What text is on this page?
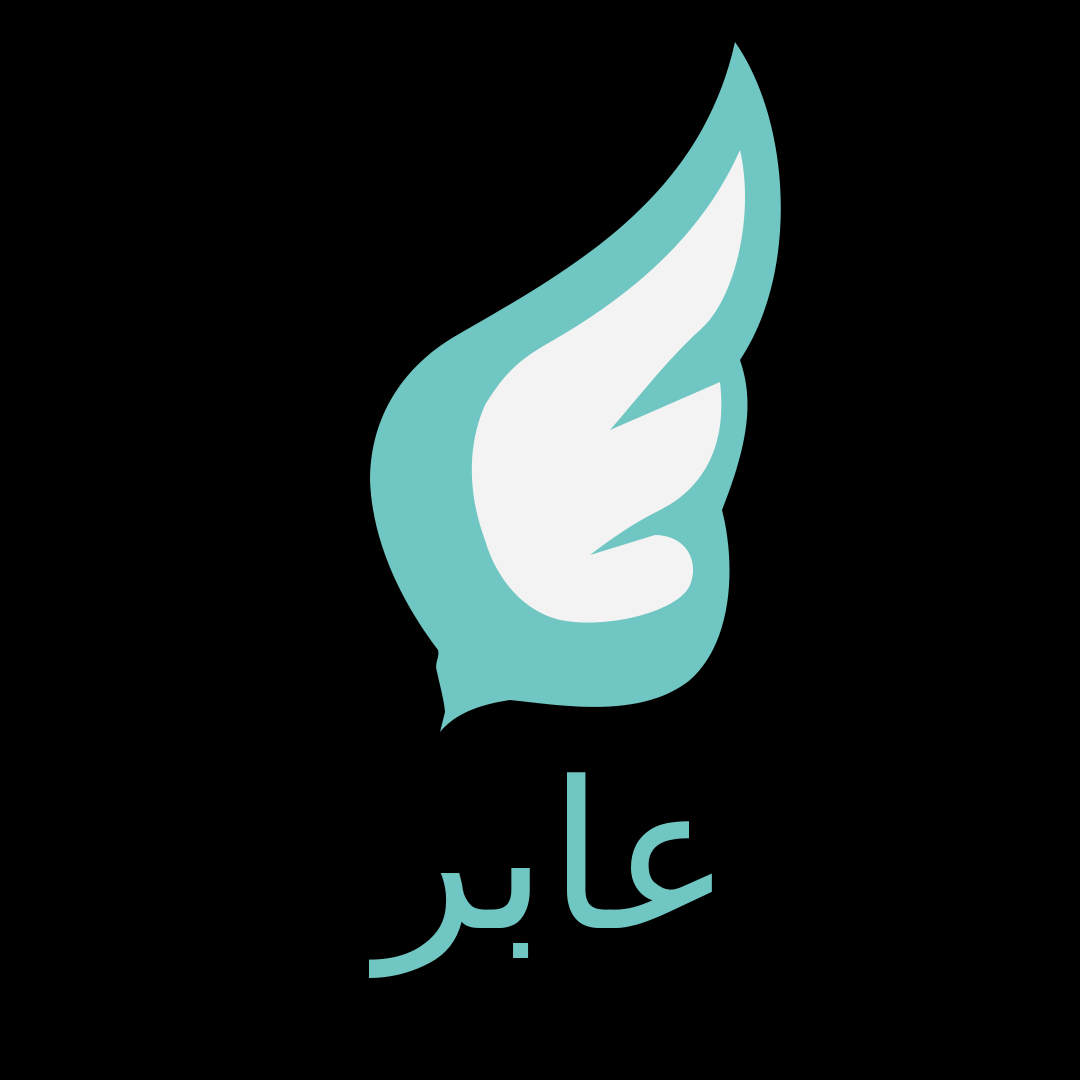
عابر
